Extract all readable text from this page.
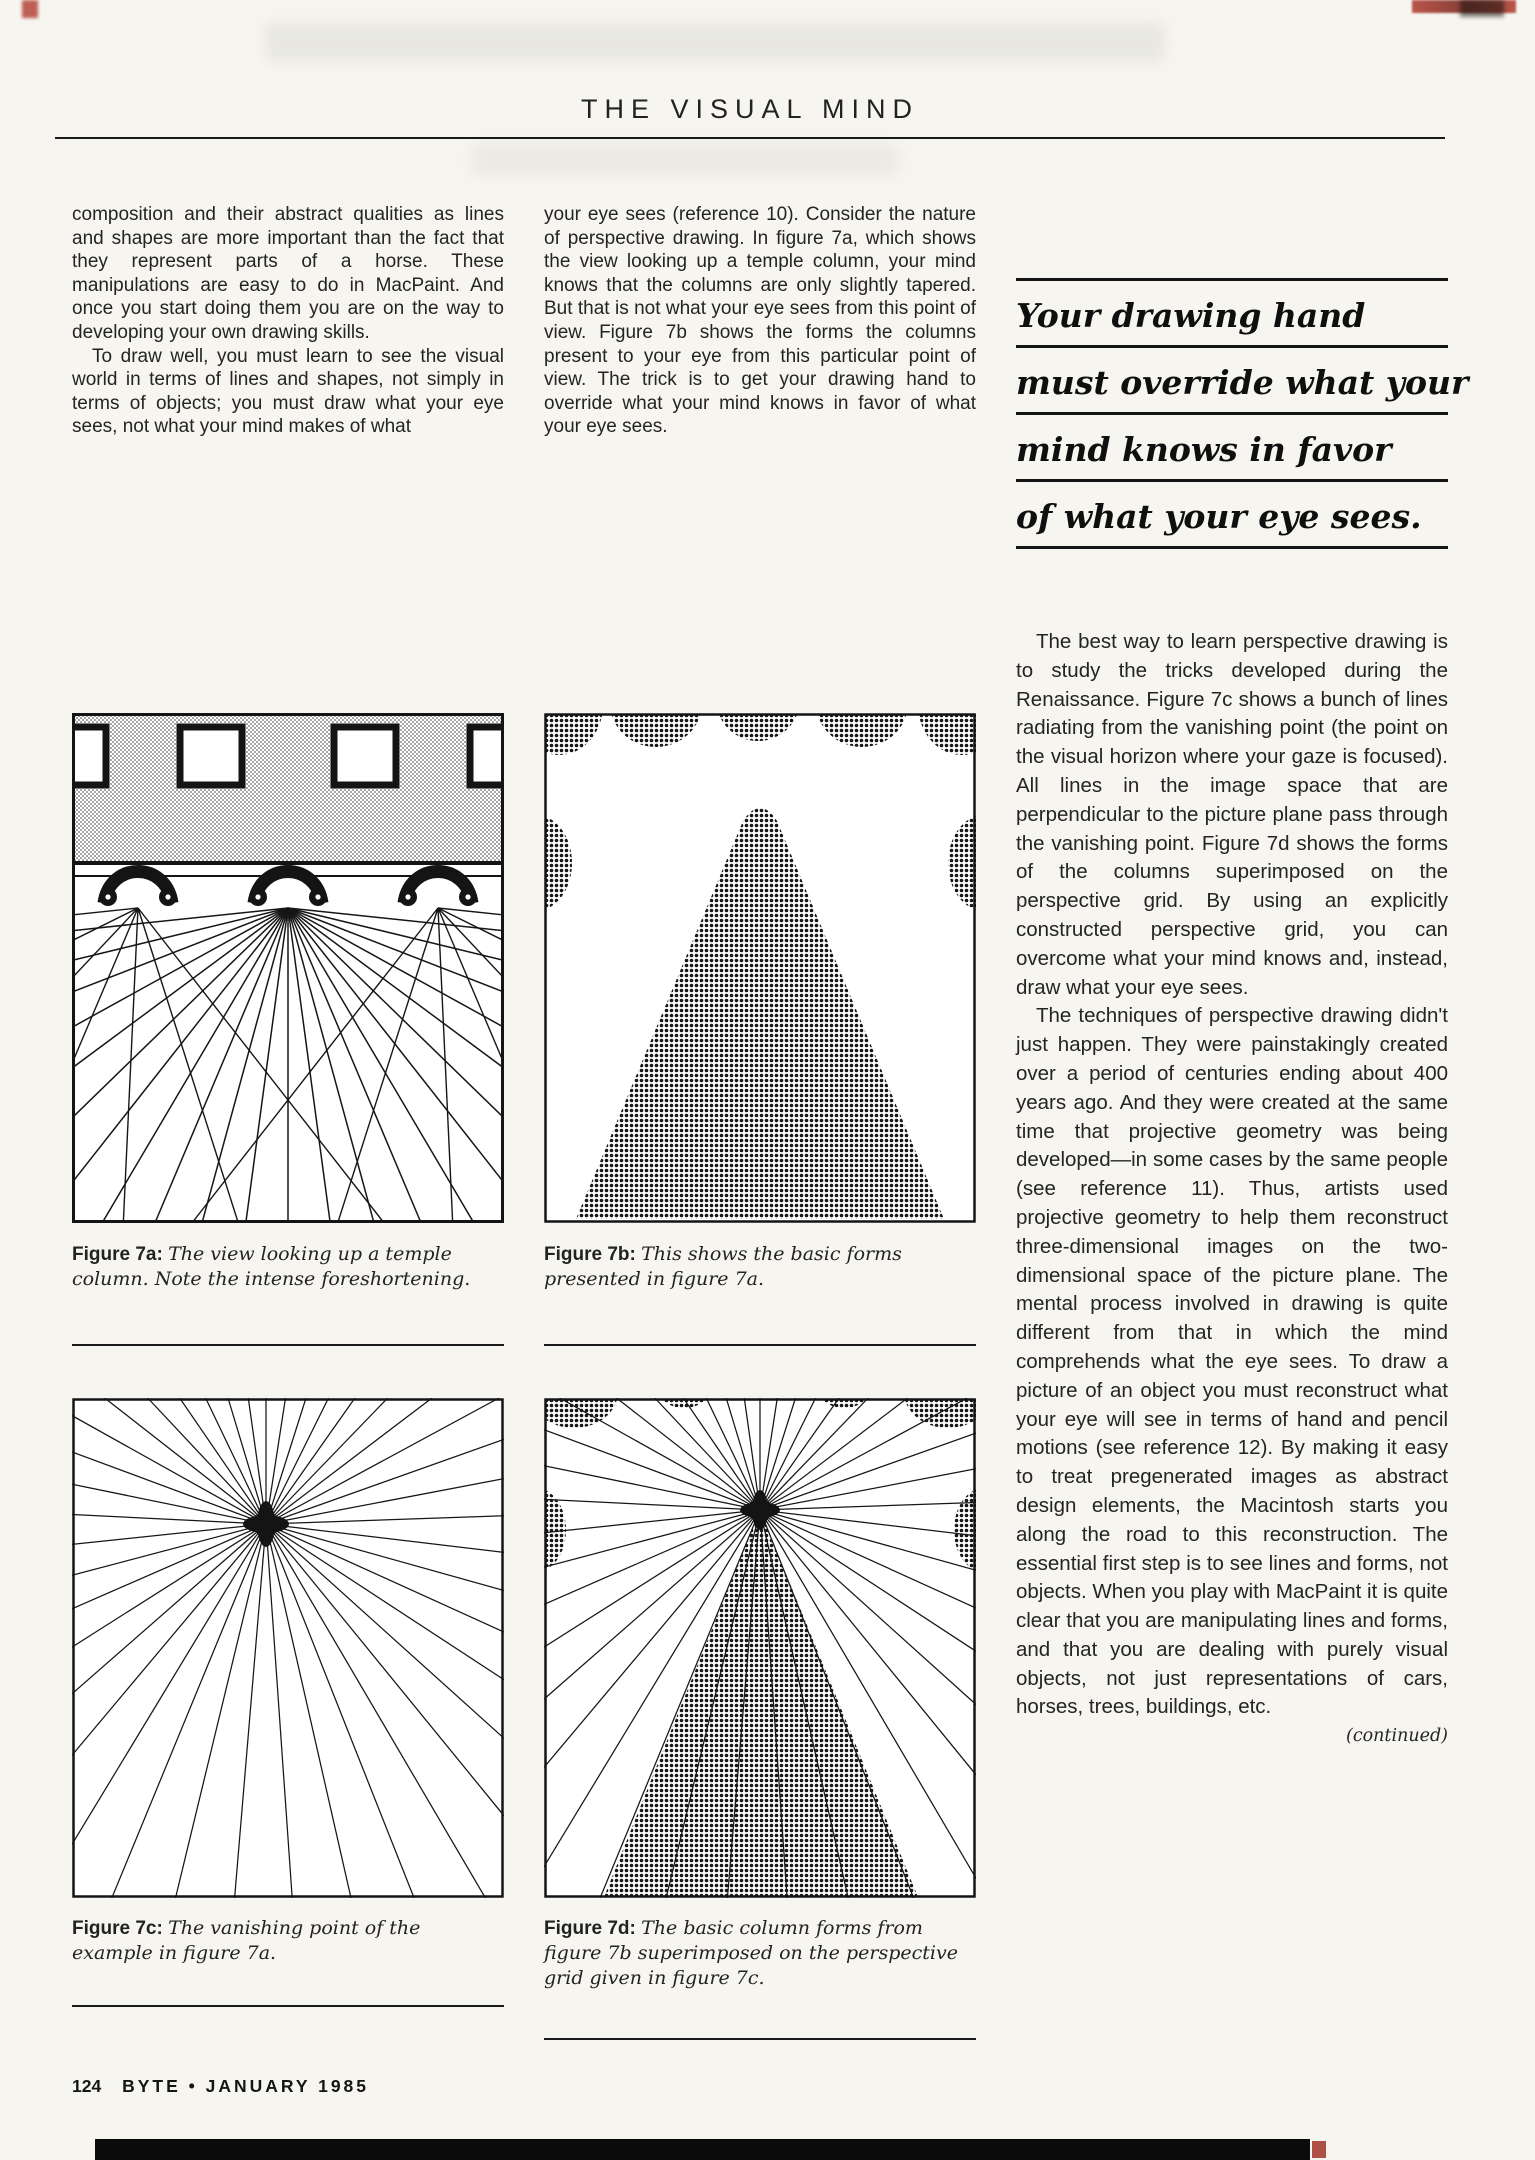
THE VISUAL MIND

composition and their abstract qualities as lines and shapes are more important than the fact that they represent parts of a horse. These manipulations are easy to do in MacPaint. And once you start doing them you are on the way to developing your own drawing skills.

To draw well, you must learn to see the visual world in terms of lines and shapes, not simply in terms of objects; you must draw what your eye sees, not what your mind makes of what

your eye sees (reference 10). Consider the nature of perspective drawing. In figure 7a, which shows the view looking up a temple column, your mind knows that the columns are only slightly tapered. But that is not what your eye sees from this point of view. Figure 7b shows the forms the columns present to your eye from this particular point of view. The trick is to get your drawing hand to override what your mind knows in favor of what your eye sees.

Your drawing hand
must override what your
mind knows in favor
of what your eye sees.

The best way to learn perspective drawing is to study the tricks developed during the Renaissance. Figure 7c shows a bunch of lines radiating from the vanishing point (the point on the visual horizon where your gaze is focused). All lines in the image space that are perpendicular to the picture plane pass through the vanishing point. Figure 7d shows the forms of the columns superimposed on the perspective grid. By using an explicitly constructed perspective grid, you can overcome what your mind knows and, instead, draw what your eye sees.

The techniques of perspective drawing didn't just happen. They were painstakingly created over a period of centuries ending about 400 years ago. And they were created at the same time that projective geometry was being developed—in some cases by the same people (see reference 11). Thus, artists used projective geometry to help them reconstruct three-dimensional images on the two-dimensional space of the picture plane. The mental process involved in drawing is quite different from that in which the mind comprehends what the eye sees. To draw a picture of an object you must reconstruct what your eye will see in terms of hand and pencil motions (see reference 12). By making it easy to treat pregenerated images as abstract design elements, the Macintosh starts you along the road to this reconstruction. The essential first step is to see lines and forms, not objects. When you play with MacPaint it is quite clear that you are manipulating lines and forms, and that you are dealing with purely visual objects, not just representations of cars, horses, trees, buildings, etc.

(continued)

Figure 7a: The view looking up a temple column. Note the intense foreshortening.
Figure 7b: This shows the basic forms presented in figure 7a.
Figure 7c: The vanishing point of the example in figure 7a.
Figure 7d: The basic column forms from figure 7b superimposed on the perspective grid given in figure 7c.
124 BYTE • JANUARY 1985
